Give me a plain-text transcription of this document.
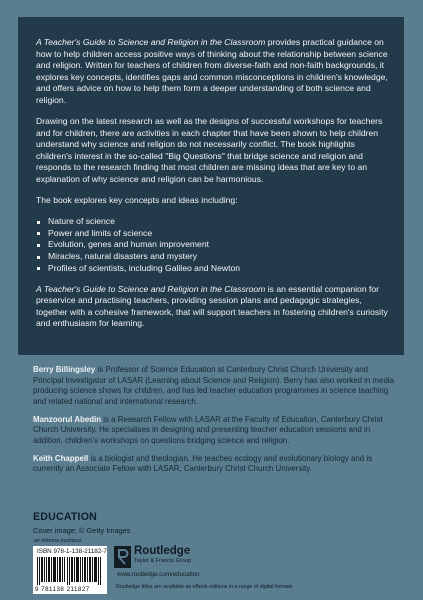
A Teacher's Guide to Science and Religion in the Classroom provides practical guidance on how to help children access positive ways of thinking about the relationship between science and religion. Written for teachers of children from diverse-faith and non-faith backgrounds, it explores key concepts, identifies gaps and common misconceptions in children's knowledge, and offers advice on how to help them form a deeper understanding of both science and religion.

Drawing on the latest research as well as the designs of successful workshops for teachers and for children, there are activities in each chapter that have been shown to help children understand why science and religion do not necessarily conflict. The book highlights children's interest in the so-called "Big Questions" that bridge science and religion and responds to the research finding that most children are missing ideas that are key to an explanation of why science and religion can be harmonious.

The book explores key concepts and ideas including:

Nature of science
Power and limits of science
Evolution, genes and human improvement
Miracles, natural disasters and mystery
Profiles of scientists, including Galileo and Newton

A Teacher's Guide to Science and Religion in the Classroom is an essential companion for preservice and practising teachers, providing session plans and pedagogic strategies, together with a cohesive framework, that will support teachers in fostering children's curiosity and enthusiasm for learning.

Berry Billingsley is Professor of Science Education at Canterbury Christ Church University and Principal Investigator of LASAR (Learning about Science and Religion). Berry has also worked in media producing science shows for children, and has led teacher education programmes in science teaching and related national and international research.

Manzoorul Abedin is a Research Fellow with LASAR at the Faculty of Education, Canterbury Christ Church University. He specialises in designing and presenting teacher education sessions and in addition, children's workshops on questions bridging science and religion.

Keith Chappell is a biologist and theologian. He teaches ecology and evolutionary biology and is currently an Associate Fellow with LASAR, Canterbury Christ Church University.

EDUCATION
Cover image: © Getty Images
an informa business
ISBN 978-1-138-21182-7
9 781138 211827
Routledge
Taylor & Francis Group
www.routledge.com/education
Routledge titles are available as eBook editions in a range of digital formats
